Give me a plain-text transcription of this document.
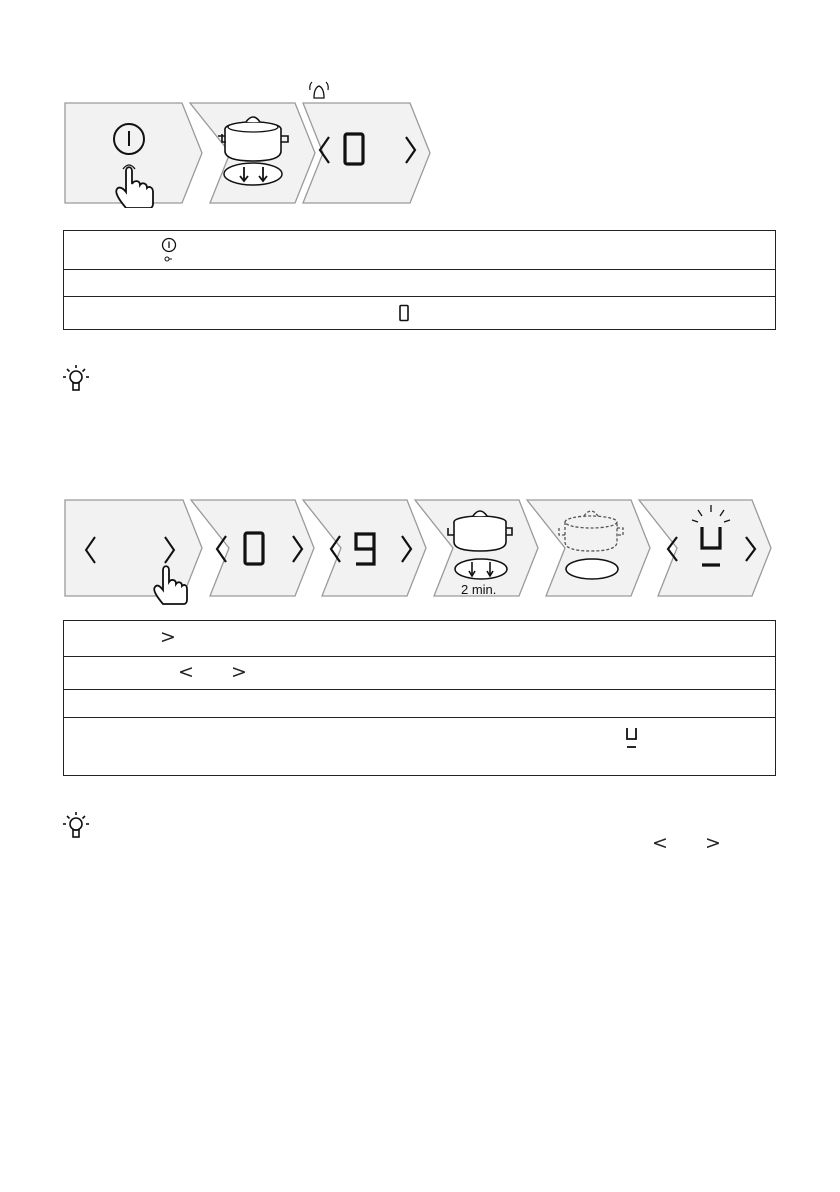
2 min.
>
< >
< >
